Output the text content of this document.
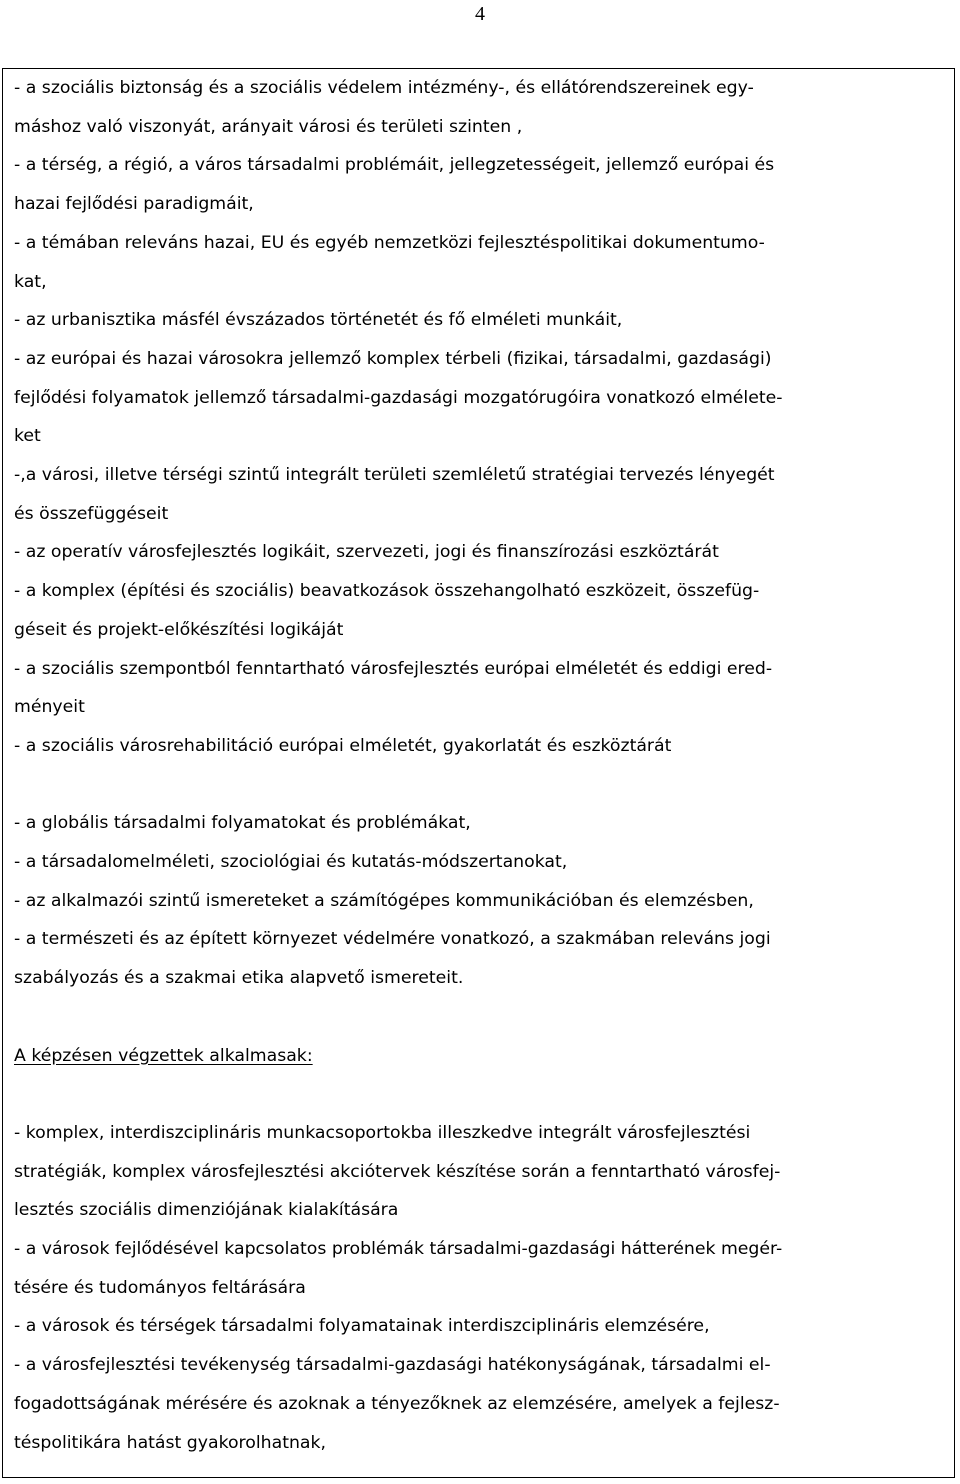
4

- a szociális biztonság és a szociális védelem intézmény-, és ellátórendszereinek egy-

máshoz való viszonyát, arányait városi és területi szinten ,

- a térség, a régió, a város társadalmi problémáit, jellegzetességeit, jellemző európai és

hazai fejlődési paradigmáit,

- a témában releváns hazai, EU és egyéb nemzetközi fejlesztéspolitikai dokumentumo-

kat,

- az urbanisztika másfél évszázados történetét és fő elméleti munkáit,

- az európai és hazai városokra jellemző komplex térbeli (fizikai, társadalmi, gazdasági)

fejlődési folyamatok jellemző társadalmi-gazdasági mozgatórugóira vonatkozó elmélete-

ket

-,a városi, illetve térségi szintű integrált területi szemléletű stratégiai tervezés lényegét

és összefüggéseit

- az operatív városfejlesztés logikáit, szervezeti, jogi és finanszírozási eszköztárát

- a komplex (építési és szociális) beavatkozások összehangolható eszközeit, összefüg-

géseit és projekt-előkészítési logikáját

- a szociális szempontból fenntartható városfejlesztés európai elméletét és eddigi ered-

ményeit

- a szociális városrehabilitáció európai elméletét, gyakorlatát és eszköztárát

- a globális társadalmi folyamatokat és problémákat,

- a társadalomelméleti, szociológiai és kutatás-módszertanokat,

- az alkalmazói szintű ismereteket a számítógépes kommunikációban és elemzésben,

- a természeti és az épített környezet védelmére vonatkozó, a szakmában releváns jogi

szabályozás és a szakmai etika alapvető ismereteit.

A képzésen végzettek alkalmasak:

- komplex, interdiszciplináris munkacsoportokba illeszkedve integrált városfejlesztési

stratégiák, komplex városfejlesztési akciótervek készítése során a fenntartható városfej-

lesztés szociális dimenziójának kialakítására

- a városok fejlődésével kapcsolatos problémák társadalmi-gazdasági hátterének megér-

tésére és tudományos feltárására

- a városok és térségek társadalmi folyamatainak interdiszciplináris elemzésére,

- a városfejlesztési tevékenység társadalmi-gazdasági hatékonyságának, társadalmi el-

fogadottságának mérésére és azoknak a tényezőknek az elemzésére, amelyek a fejlesz-

téspolitikára hatást gyakorolhatnak,
